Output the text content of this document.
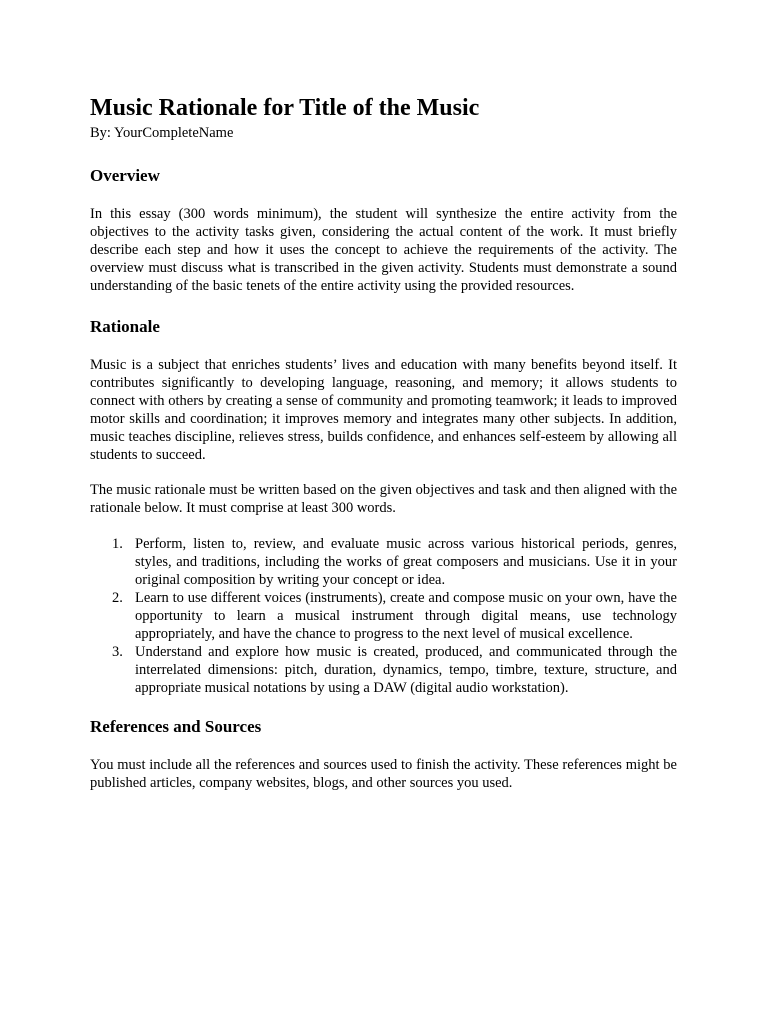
Music Rationale for Title of the Music

By: YourCompleteName

Overview

In this essay (300 words minimum), the student will synthesize the entire activity from the objectives to the activity tasks given, considering the actual content of the work. It must briefly describe each step and how it uses the concept to achieve the requirements of the activity. The overview must discuss what is transcribed in the given activity. Students must demonstrate a sound understanding of the basic tenets of the entire activity using the provided resources.

Rationale

Music is a subject that enriches students’ lives and education with many benefits beyond itself. It contributes significantly to developing language, reasoning, and memory; it allows students to connect with others by creating a sense of community and promoting teamwork; it leads to improved motor skills and coordination; it improves memory and integrates many other subjects. In addition, music teaches discipline, relieves stress, builds confidence, and enhances self-esteem by allowing all students to succeed.

The music rationale must be written based on the given objectives and task and then aligned with the rationale below. It must comprise at least 300 words.

1. Perform, listen to, review, and evaluate music across various historical periods, genres, styles, and traditions, including the works of great composers and musicians. Use it in your original composition by writing your concept or idea.
2. Learn to use different voices (instruments), create and compose music on your own, have the opportunity to learn a musical instrument through digital means, use technology appropriately, and have the chance to progress to the next level of musical excellence.
3. Understand and explore how music is created, produced, and communicated through the interrelated dimensions: pitch, duration, dynamics, tempo, timbre, texture, structure, and appropriate musical notations by using a DAW (digital audio workstation).
References and Sources

You must include all the references and sources used to finish the activity. These references might be published articles, company websites, blogs, and other sources you used.
